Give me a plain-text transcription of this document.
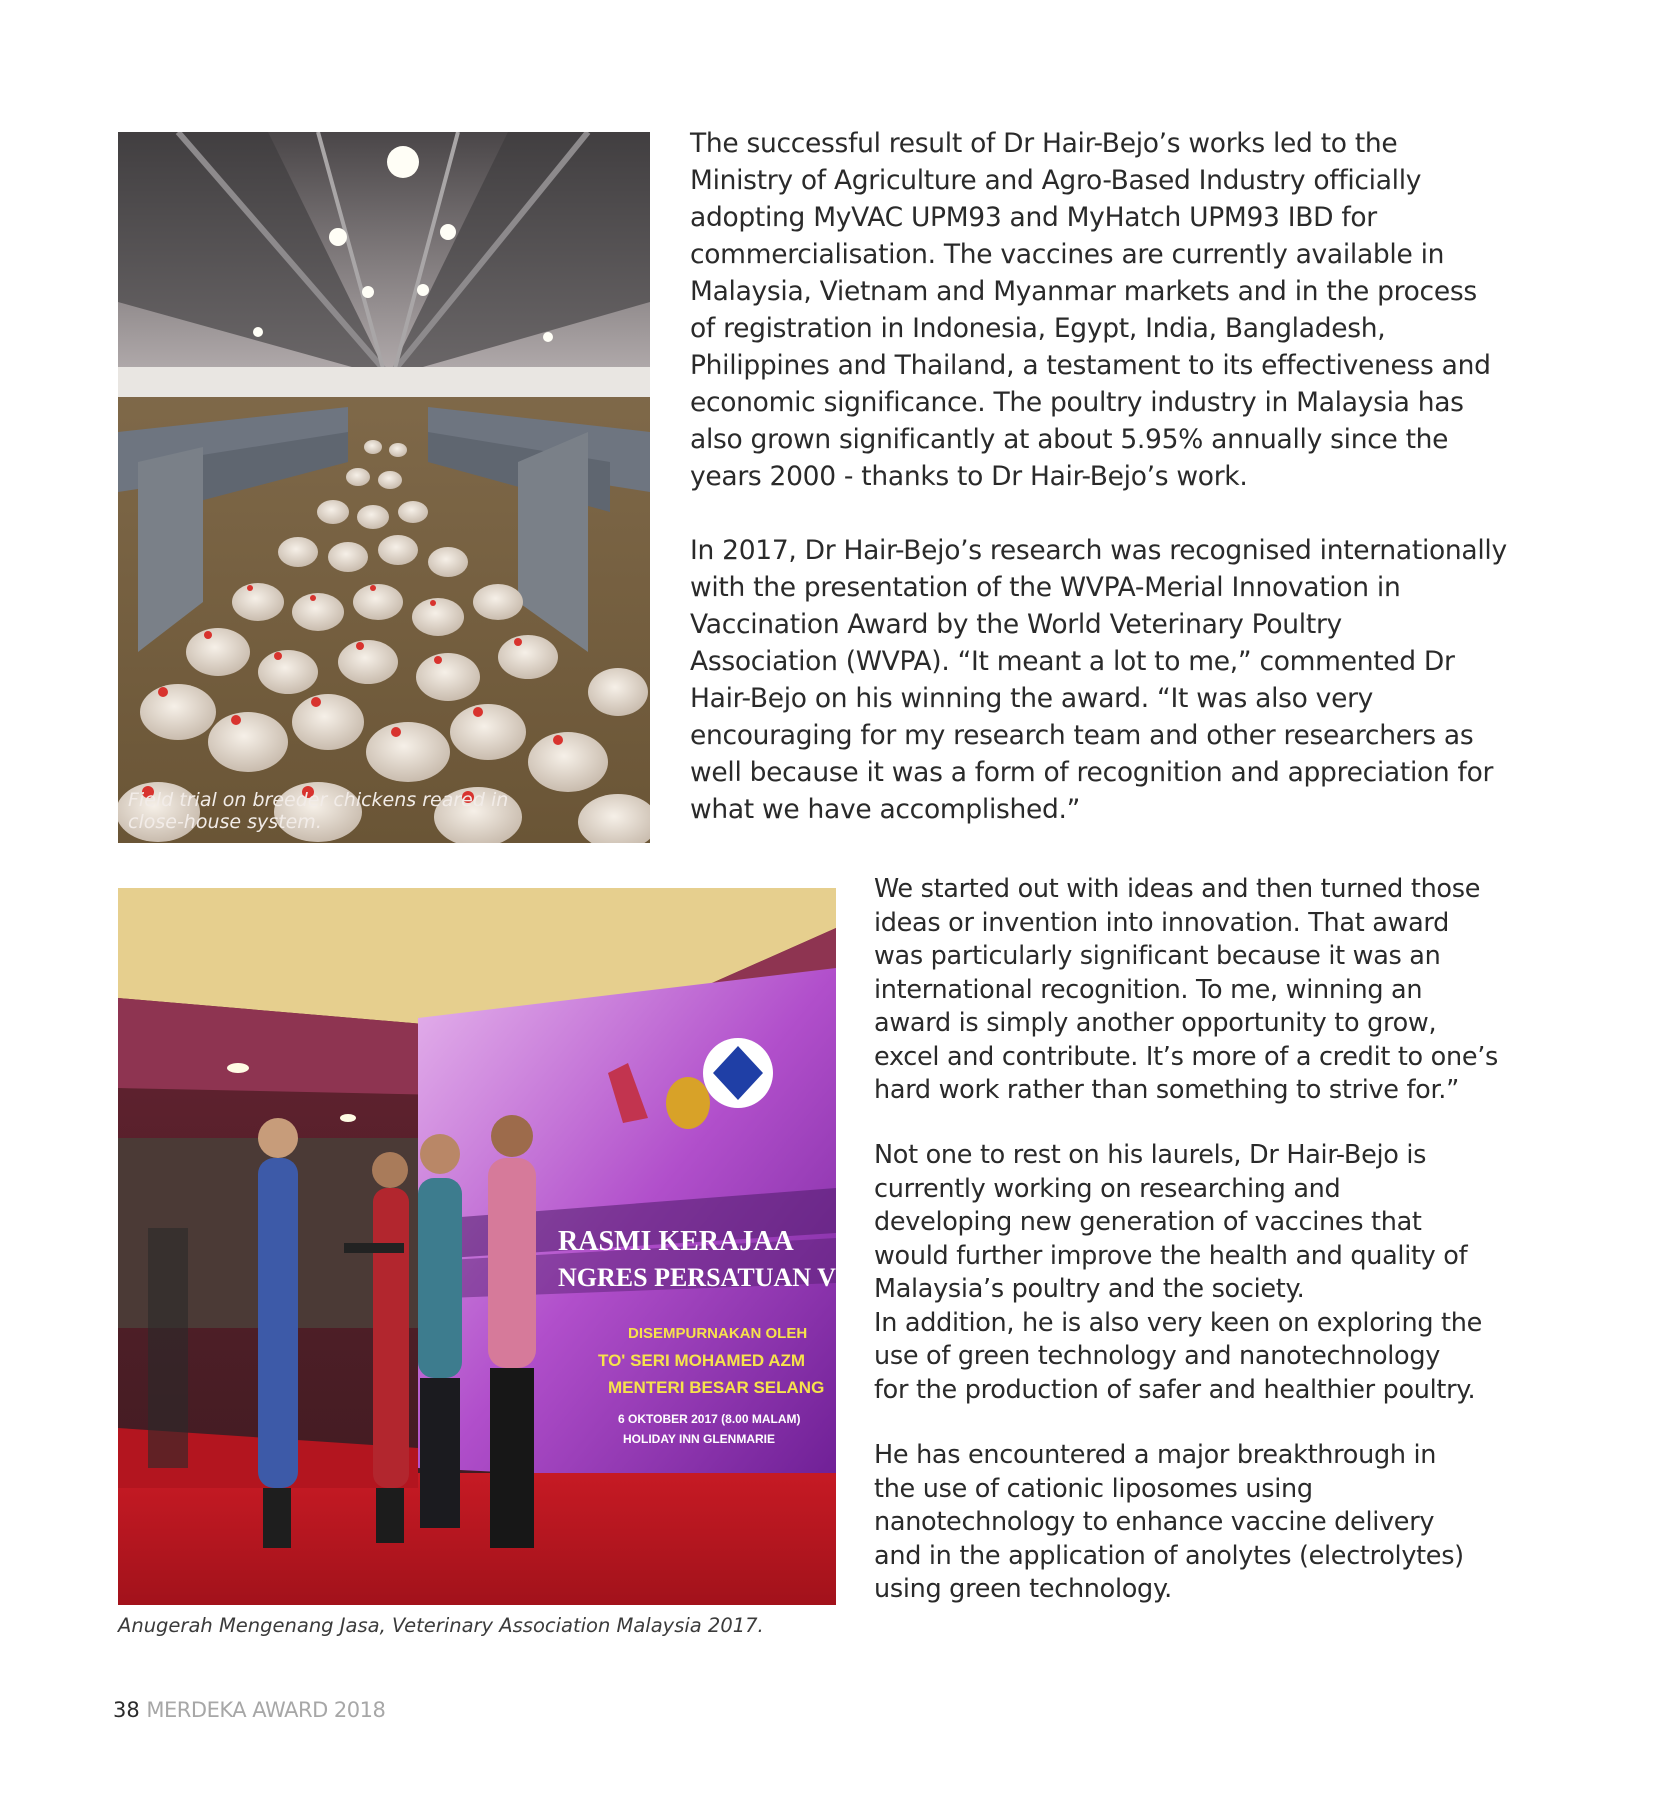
Field trial on breeder chickens reared in
close-house system.

The successful result of Dr Hair-Bejo’s works led to the
Ministry of Agriculture and Agro-Based Industry officially
adopting MyVAC UPM93 and MyHatch UPM93 IBD for
commercialisation. The vaccines are currently available in
Malaysia, Vietnam and Myanmar markets and in the process
of registration in Indonesia, Egypt, India, Bangladesh,
Philippines and Thailand, a testament to its effectiveness and
economic significance. The poultry industry in Malaysia has
also grown significantly at about 5.95% annually since the
years 2000 - thanks to Dr Hair-Bejo’s work.

In 2017, Dr Hair-Bejo’s research was recognised internationally
with the presentation of the WVPA-Merial Innovation in
Vaccination Award by the World Veterinary Poultry
Association (WVPA). “It meant a lot to me,” commented Dr
Hair-Bejo on his winning the award. “It was also very
encouraging for my research team and other researchers as
well because it was a form of recognition and appreciation for
what we have accomplished.”

RASMI KERAJAA
NGRES PERSATUAN V
DISEMPURNAKAN OLEH
TO' SERI MOHAMED AZM
MENTERI BESAR SELANG
6 OKTOBER 2017 (8.00 MALAM)
HOLIDAY INN GLENMARIE

Anugerah Mengenang Jasa, Veterinary Association Malaysia 2017.

We started out with ideas and then turned those
ideas or invention into innovation. That award
was particularly significant because it was an
international recognition. To me, winning an
award is simply another opportunity to grow,
excel and contribute. It’s more of a credit to one’s
hard work rather than something to strive for.”

Not one to rest on his laurels, Dr Hair-Bejo is
currently working on researching and
developing new generation of vaccines that
would further improve the health and quality of
Malaysia’s poultry and the society.
In addition, he is also very keen on exploring the
use of green technology and nanotechnology
for the production of safer and healthier poultry.

He has encountered a major breakthrough in
the use of cationic liposomes using
nanotechnology to enhance vaccine delivery
and in the application of anolytes (electrolytes)
using green technology.

38 MERDEKA AWARD 2018
